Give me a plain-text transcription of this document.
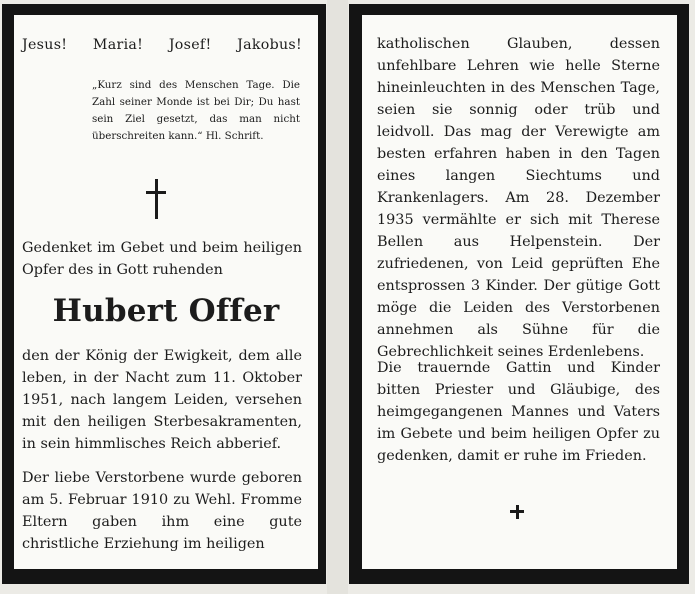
Jesus! Maria! Josef! Jakobus!
„Kurz sind des Menschen Tage. Die Zahl seiner Monde ist bei Dir; Du hast sein Ziel gesetzt, das man nicht überschreiten kann.“ Hl. Schrift.
Gedenket im Gebet und beim heiligen Opfer des in Gott ruhenden
Hubert Offer
den der König der Ewigkeit, dem alle leben, in der Nacht zum 11. Oktober 1951, nach langem Leiden, versehen mit den heiligen Sterbesakramenten, in sein himmlisches Reich abberief.
Der liebe Verstorbene wurde geboren am 5. Februar 1910 zu Wehl. Fromme Eltern gaben ihm eine gute christliche Erziehung im heiligen
katholischen Glauben, dessen unfehlbare Lehren wie helle Sterne hineinleuchten in des Menschen Tage, seien sie sonnig oder trüb und leidvoll. Das mag der Verewigte am besten erfahren haben in den Tagen eines langen Siechtums und Krankenlagers. Am 28. Dezember 1935 vermählte er sich mit Therese Bellen aus Helpenstein. Der zufriedenen, von Leid geprüften Ehe entsprossen 3 Kinder. Der gütige Gott möge die Leiden des Verstorbenen annehmen als Sühne für die Gebrechlichkeit seines Erdenlebens.
Die trauernde Gattin und Kinder bitten Priester und Gläubige, des heimgegangenen Mannes und Vaters im Gebete und beim heiligen Opfer zu gedenken, damit er ruhe im Frieden.
